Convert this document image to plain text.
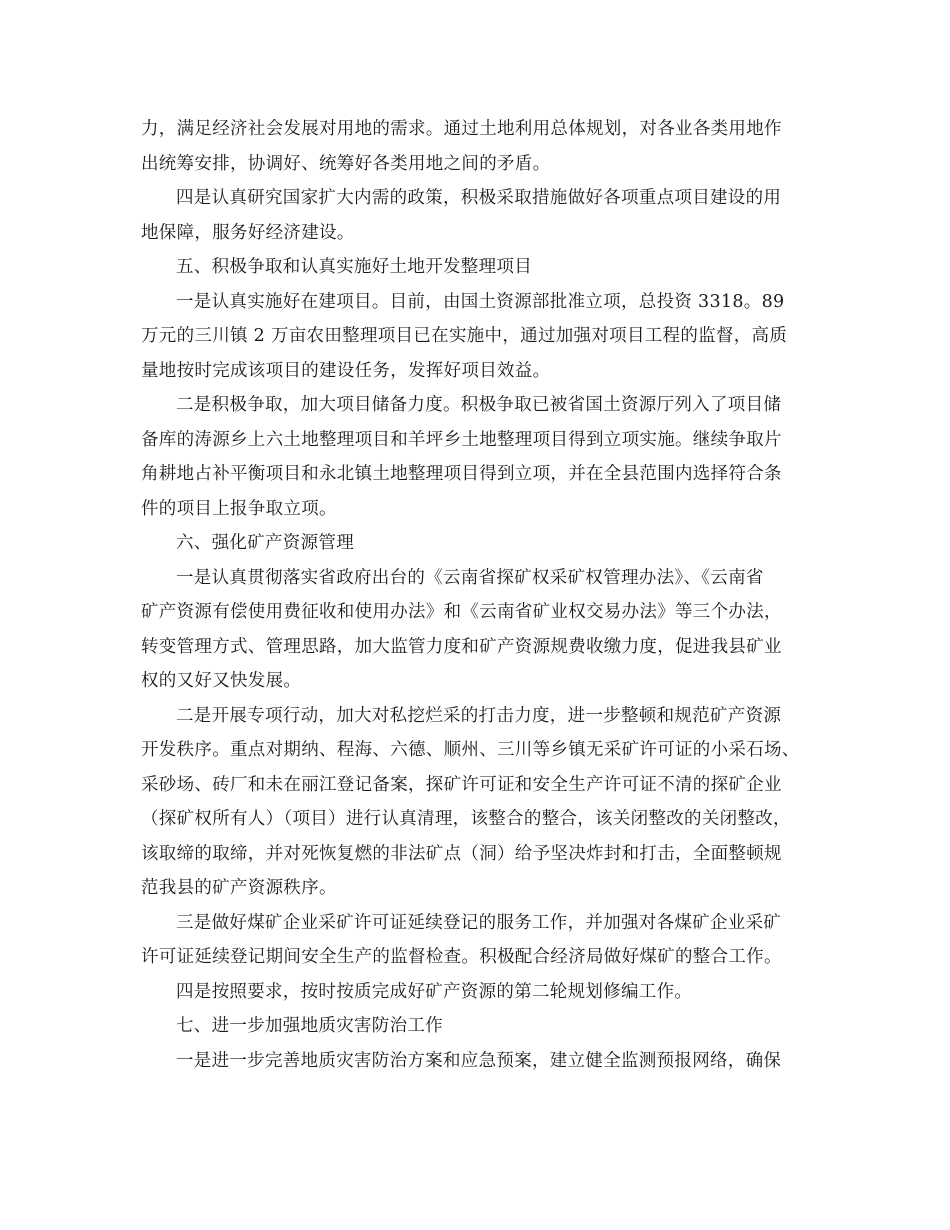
力，满足经济社会发展对用地的需求。通过土地利用总体规划，对各业各类用地作
出统筹安排，协调好、统筹好各类用地之间的矛盾。
四是认真研究国家扩大内需的政策，积极采取措施做好各项重点项目建设的用
地保障，服务好经济建设。
五、积极争取和认真实施好土地开发整理项目
一是认真实施好在建项目。目前，由国土资源部批准立项，总投资 3318。89
万元的三川镇 2 万亩农田整理项目已在实施中，通过加强对项目工程的监督，高质
量地按时完成该项目的建设任务，发挥好项目效益。
二是积极争取，加大项目储备力度。积极争取已被省国土资源厅列入了项目储
备库的涛源乡上六土地整理项目和羊坪乡土地整理项目得到立项实施。继续争取片
角耕地占补平衡项目和永北镇土地整理项目得到立项，并在全县范围内选择符合条
件的项目上报争取立项。
六、强化矿产资源管理
一是认真贯彻落实省政府出台的《云南省探矿权采矿权管理办法》、《云南省
矿产资源有偿使用费征收和使用办法》和《云南省矿业权交易办法》等三个办法，
转变管理方式、管理思路，加大监管力度和矿产资源规费收缴力度，促进我县矿业
权的又好又快发展。
二是开展专项行动，加大对私挖烂采的打击力度，进一步整顿和规范矿产资源
开发秩序。重点对期纳、程海、六德、顺州、三川等乡镇无采矿许可证的小采石场、
采砂场、砖厂和未在丽江登记备案，探矿许可证和安全生产许可证不清的探矿企业
（探矿权所有人）（项目）进行认真清理，该整合的整合，该关闭整改的关闭整改，
该取缔的取缔，并对死恢复燃的非法矿点（洞）给予坚决炸封和打击，全面整顿规
范我县的矿产资源秩序。
三是做好煤矿企业采矿许可证延续登记的服务工作，并加强对各煤矿企业采矿
许可证延续登记期间安全生产的监督检查。积极配合经济局做好煤矿的整合工作。
四是按照要求，按时按质完成好矿产资源的第二轮规划修编工作。
七、进一步加强地质灾害防治工作
一是进一步完善地质灾害防治方案和应急预案，建立健全监测预报网络，确保
